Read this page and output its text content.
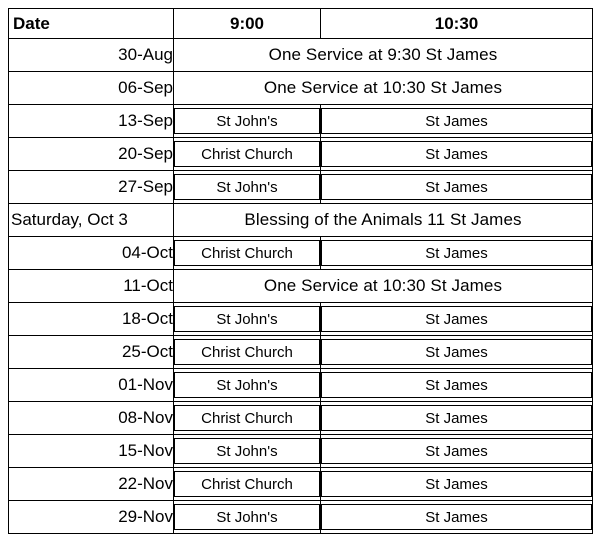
Date	9:00	10:30
30-Aug	One Service at 9:30 St James	
06-Sep	One Service at 10:30 St James	
13-Sep	St John's	St James

20-Sep	Christ Church	St James

27-Sep	St John's	St James

Saturday, Oct 3	Blessing of the Animals 11 St James	
04-Oct	Christ Church	St James

11-Oct	One Service at 10:30 St James	
18-Oct	St John's	St James

25-Oct	Christ Church	St James

01-Nov	St John's	St James

08-Nov	Christ Church	St James

15-Nov	St John's	St James

22-Nov	Christ Church	St James

29-Nov	St John's	St James
